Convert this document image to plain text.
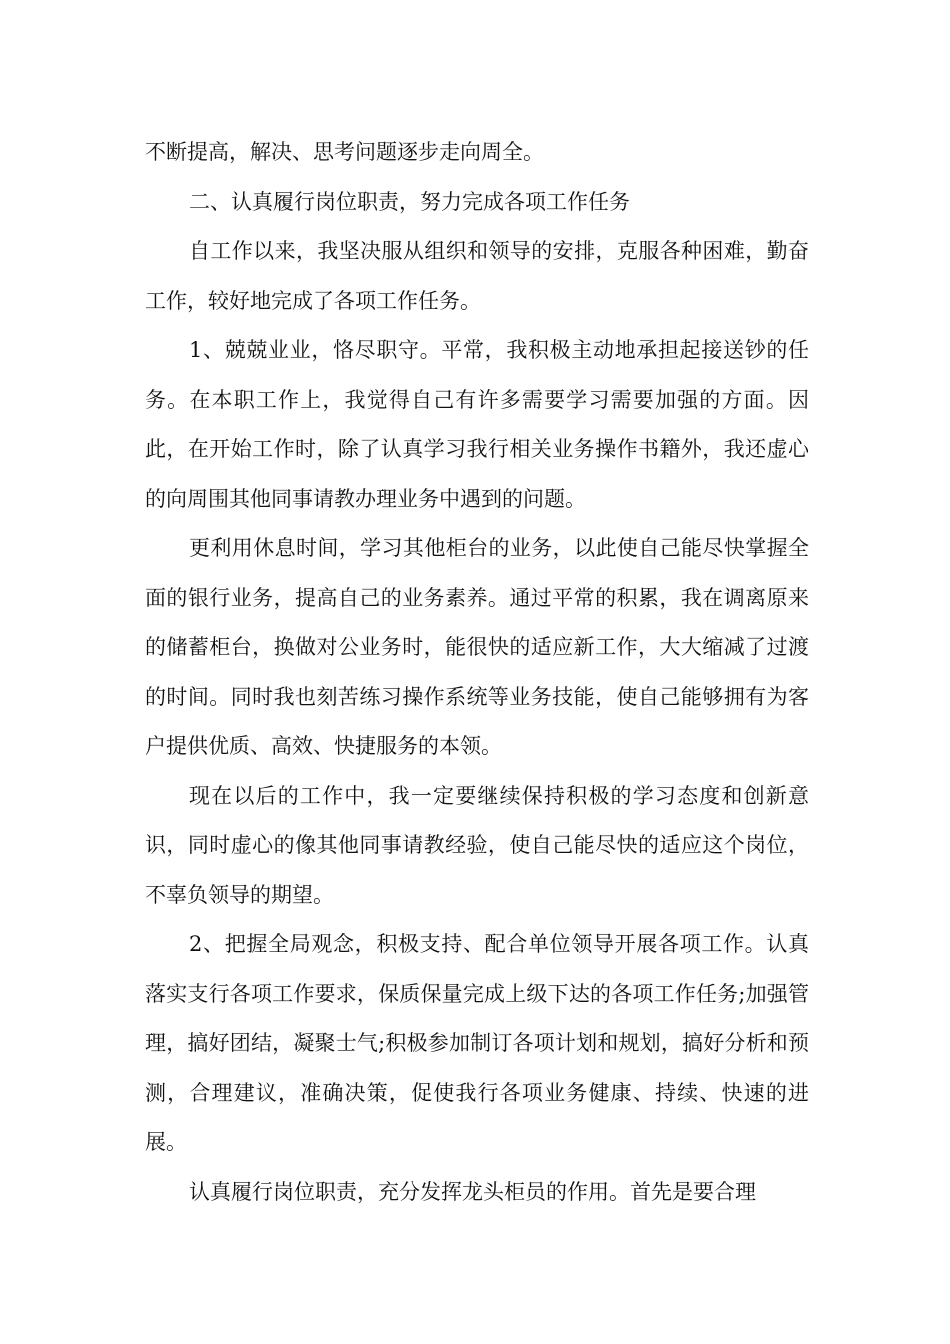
不断提高，解决、思考问题逐步走向周全。

二、认真履行岗位职责，努力完成各项工作任务

自工作以来，我坚决服从组织和领导的安排，克服各种困难，勤奋工作，较好地完成了各项工作任务。

1、兢兢业业，恪尽职守。平常，我积极主动地承担起接送钞的任务。在本职工作上，我觉得自己有许多需要学习需要加强的方面。因此，在开始工作时，除了认真学习我行相关业务操作书籍外，我还虚心的向周围其他同事请教办理业务中遇到的问题。

更利用休息时间，学习其他柜台的业务，以此使自己能尽快掌握全面的银行业务，提高自己的业务素养。通过平常的积累，我在调离原来的储蓄柜台，换做对公业务时，能很快的适应新工作，大大缩减了过渡的时间。同时我也刻苦练习操作系统等业务技能，使自己能够拥有为客户提供优质、高效、快捷服务的本领。

现在以后的工作中，我一定要继续保持积极的学习态度和创新意识，同时虚心的像其他同事请教经验，使自己能尽快的适应这个岗位，不辜负领导的期望。

2、把握全局观念，积极支持、配合单位领导开展各项工作。认真落实支行各项工作要求，保质保量完成上级下达的各项工作任务;加强管理，搞好团结，凝聚士气;积极参加制订各项计划和规划，搞好分析和预测，合理建议，准确决策，促使我行各项业务健康、持续、快速的进展。

认真履行岗位职责，充分发挥龙头柜员的作用。首先是要合理
